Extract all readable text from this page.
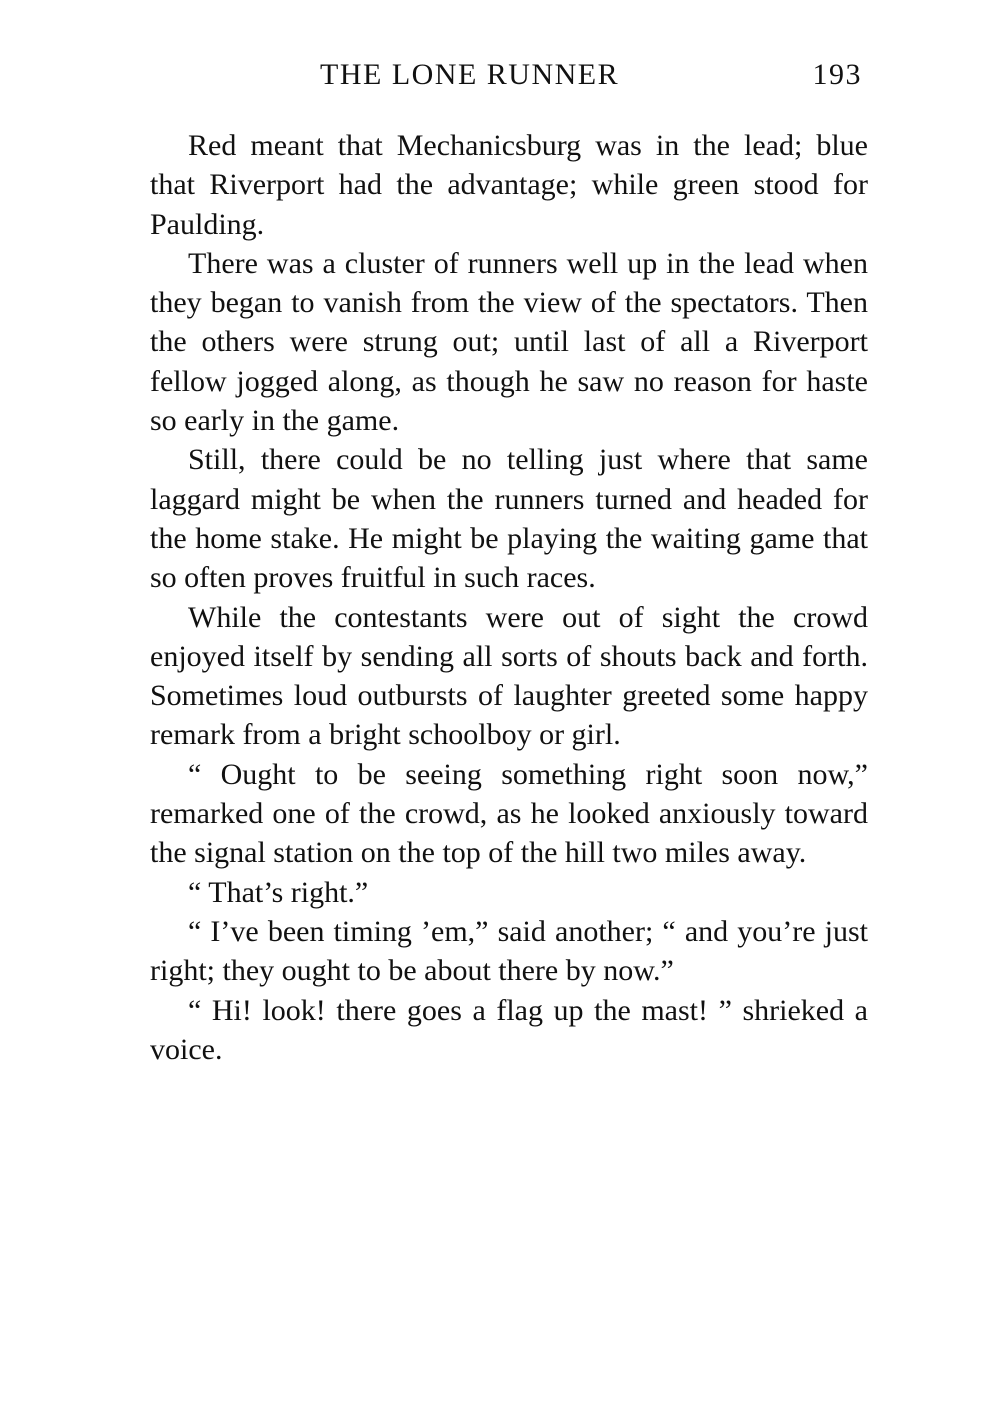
THE LONE RUNNER	193

Red meant that Mechanicsburg was in the lead; blue that Riverport had the advantage; while green stood for Paulding.

There was a cluster of runners well up in the lead when they began to vanish from the view of the spectators. Then the others were strung out; until last of all a Riverport fellow jogged along, as though he saw no reason for haste so early in the game.

Still, there could be no telling just where that same laggard might be when the runners turned and headed for the home stake. He might be playing the waiting game that so often proves fruitful in such races.

While the contestants were out of sight the crowd enjoyed itself by sending all sorts of shouts back and forth. Sometimes loud outbursts of laughter greeted some happy remark from a bright schoolboy or girl.

“ Ought to be seeing something right soon now,” remarked one of the crowd, as he looked anxiously toward the signal station on the top of the hill two miles away.

“ That’s right.”

“ I’ve been timing ’em,” said another; “ and you’re just right; they ought to be about there by now.”

“ Hi! look! there goes a flag up the mast! ” shrieked a voice.
